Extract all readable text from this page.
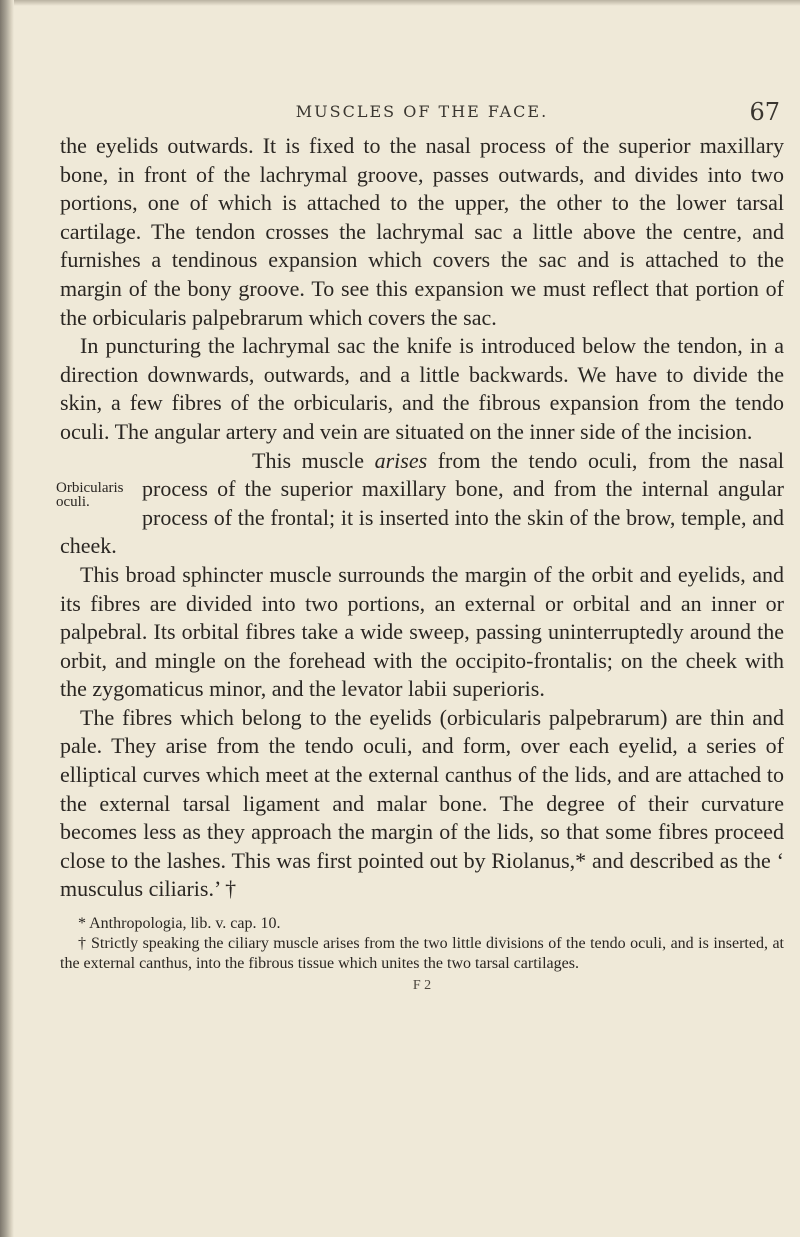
MUSCLES OF THE FACE.	67

the eyelids outwards. It is fixed to the nasal process of the superior maxillary bone, in front of the lachrymal groove, passes outwards, and divides into two portions, one of which is attached to the upper, the other to the lower tarsal cartilage. The tendon crosses the lachrymal sac a little above the centre, and furnishes a tendinous expansion which covers the sac and is attached to the margin of the bony groove. To see this expansion we must reflect that portion of the orbicularis palpebrarum which covers the sac.

In puncturing the lachrymal sac the knife is introduced below the tendon, in a direction downwards, outwards, and a little backwards. We have to divide the skin, a few fibres of the orbicularis, and the fibrous expansion from the tendo oculi. The angular artery and vein are situated on the inner side of the incision.

Orbicularis oculi.

This muscle arises from the tendo oculi, from the nasal process of the superior maxillary bone, and from the internal angular process of the frontal; it is inserted into the skin of the brow, temple, and cheek.

This broad sphincter muscle surrounds the margin of the orbit and eyelids, and its fibres are divided into two portions, an external or orbital and an inner or palpebral. Its orbital fibres take a wide sweep, passing uninterruptedly around the orbit, and mingle on the forehead with the occipito-frontalis; on the cheek with the zygomaticus minor, and the levator labii superioris.

The fibres which belong to the eyelids (orbicularis palpebrarum) are thin and pale. They arise from the tendo oculi, and form, over each eyelid, a series of elliptical curves which meet at the external canthus of the lids, and are attached to the external tarsal ligament and malar bone. The degree of their curvature becomes less as they approach the margin of the lids, so that some fibres proceed close to the lashes. This was first pointed out by Riolanus,* and described as the ‘ musculus ciliaris.’ †

* Anthropologia, lib. v. cap. 10.

† Strictly speaking the ciliary muscle arises from the two little divisions of the tendo oculi, and is inserted, at the external canthus, into the fibrous tissue which unites the two tarsal cartilages.

F 2
